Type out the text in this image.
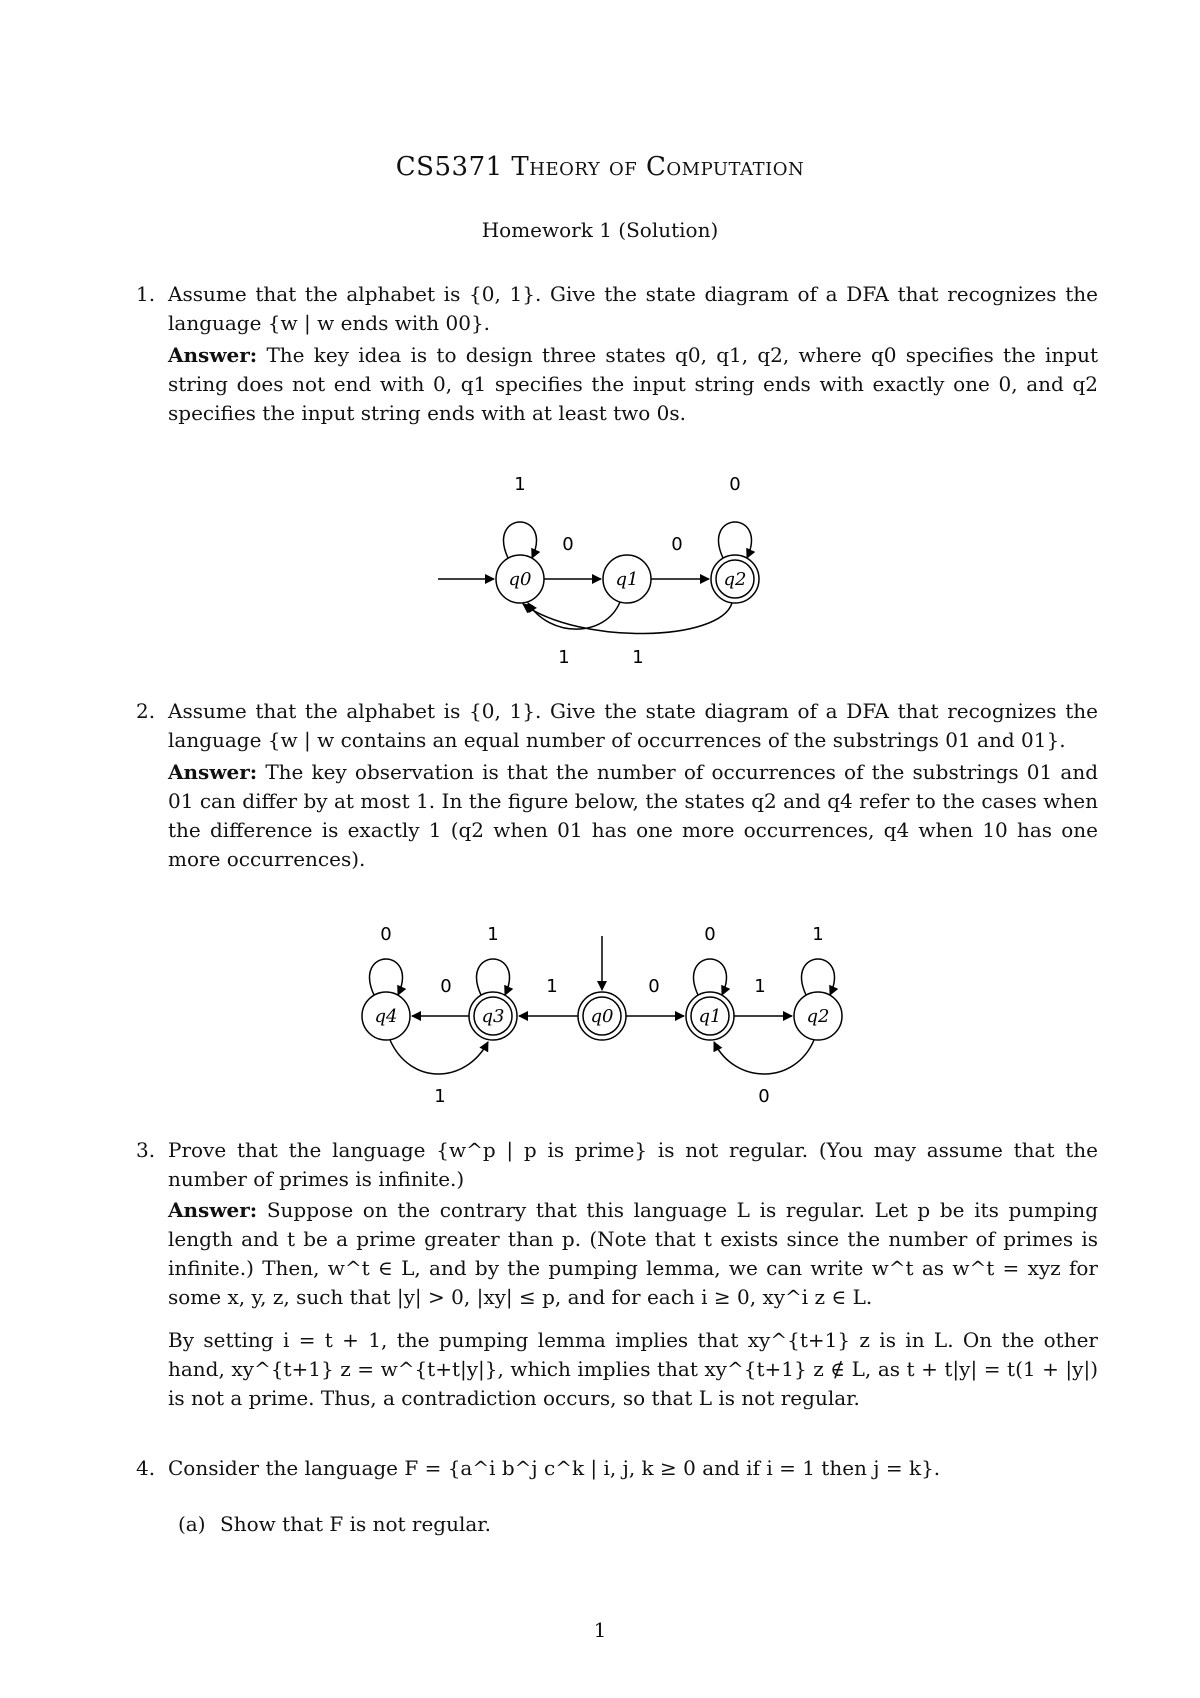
CS5371 Theory of Computation
Homework 1 (Solution)
1. Assume that the alphabet is {0, 1}. Give the state diagram of a DFA that recognizes the language {w | w ends with 00}.
Answer: The key idea is to design three states q0, q1, q2, where q0 specifies the input string does not end with 0, q1 specifies the input string ends with exactly one 0, and q2 specifies the input string ends with at least two 0s.
q0	q1	q2
1	0
0	0
1	1
2. Assume that the alphabet is {0, 1}. Give the state diagram of a DFA that recognizes the language {w | w contains an equal number of occurrences of the substrings 01 and 01}.
Answer: The key observation is that the number of occurrences of the substrings 01 and 01 can differ by at most 1. In the figure below, the states q2 and q4 refer to the cases when the difference is exactly 1 (q2 when 01 has one more occurrences, q4 when 10 has one more occurrences).
q4	q3	q0	q1	q2
0	1	0	1
0	1	0	1
1	0
3. Prove that the language {w^p | p is prime} is not regular. (You may assume that the number of primes is infinite.)
Answer: Suppose on the contrary that this language L is regular. Let p be its pumping length and t be a prime greater than p. (Note that t exists since the number of primes is infinite.) Then, w^t ∈ L, and by the pumping lemma, we can write w^t as w^t = xyz for some x, y, z, such that |y| > 0, |xy| ≤ p, and for each i ≥ 0, xy^i z ∈ L.
By setting i = t + 1, the pumping lemma implies that xy^{t+1} z is in L. On the other hand, xy^{t+1} z = w^{t+t|y|}, which implies that xy^{t+1} z ∉ L, as t + t|y| = t(1 + |y|) is not a prime. Thus, a contradiction occurs, so that L is not regular.
4. Consider the language F = {a^i b^j c^k | i, j, k ≥ 0 and if i = 1 then j = k}.
(a) Show that F is not regular.
1
